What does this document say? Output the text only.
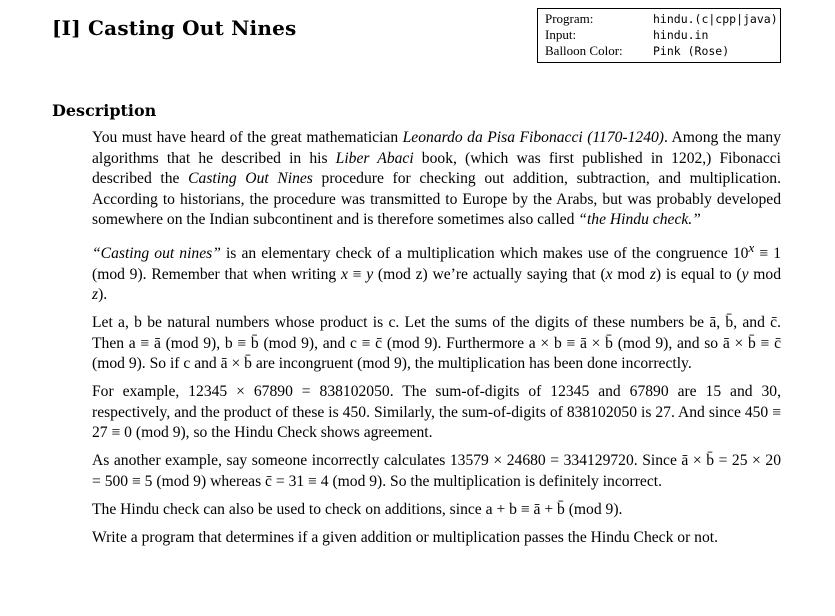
[I] Casting Out Nines	Program:	hindu.(c|cpp|java)
Input:	hindu.in
Balloon Color:	Pink (Rose)
Description

You must have heard of the great mathematician Leonardo da Pisa Fibonacci (1170-1240). Among the many algorithms that he described in his Liber Abaci book, (which was first published in 1202,) Fibonacci described the Casting Out Nines procedure for checking out addition, subtraction, and multiplication. According to historians, the procedure was transmitted to Europe by the Arabs, but was probably developed somewhere on the Indian subcontinent and is therefore sometimes also called “the Hindu check.”

“Casting out nines” is an elementary check of a multiplication which makes use of the congruence $10^x \equiv 1$ (mod 9). Remember that when writing x ≡ y (mod z) we’re actually saying that (x mod z) is equal to (y mod z).

Let a, b be natural numbers whose product is c. Let the sums of the digits of these numbers be ā, b̄, and c̄. Then a ≡ ā (mod 9), b ≡ b̄ (mod 9), and c ≡ c̄ (mod 9). Furthermore a × b ≡ ā × b̄ (mod 9), and so ā × b̄ ≡ c̄ (mod 9). So if c and ā × b̄ are incongruent (mod 9), the multiplication has been done incorrectly.

For example, 12345 × 67890 = 838102050. The sum-of-digits of 12345 and 67890 are 15 and 30, respectively, and the product of these is 450. Similarly, the sum-of-digits of 838102050 is 27. And since 450 ≡ 27 ≡ 0 (mod 9), so the Hindu Check shows agreement.

As another example, say someone incorrectly calculates 13579 × 24680 = 334129720. Since ā × b̄ = 25 × 20 = 500 ≡ 5 (mod 9) whereas c̄ = 31 ≡ 4 (mod 9). So the multiplication is definitely incorrect.

The Hindu check can also be used to check on additions, since a + b ≡ ā + b̄ (mod 9).

Write a program that determines if a given addition or multiplication passes the Hindu Check or not.
